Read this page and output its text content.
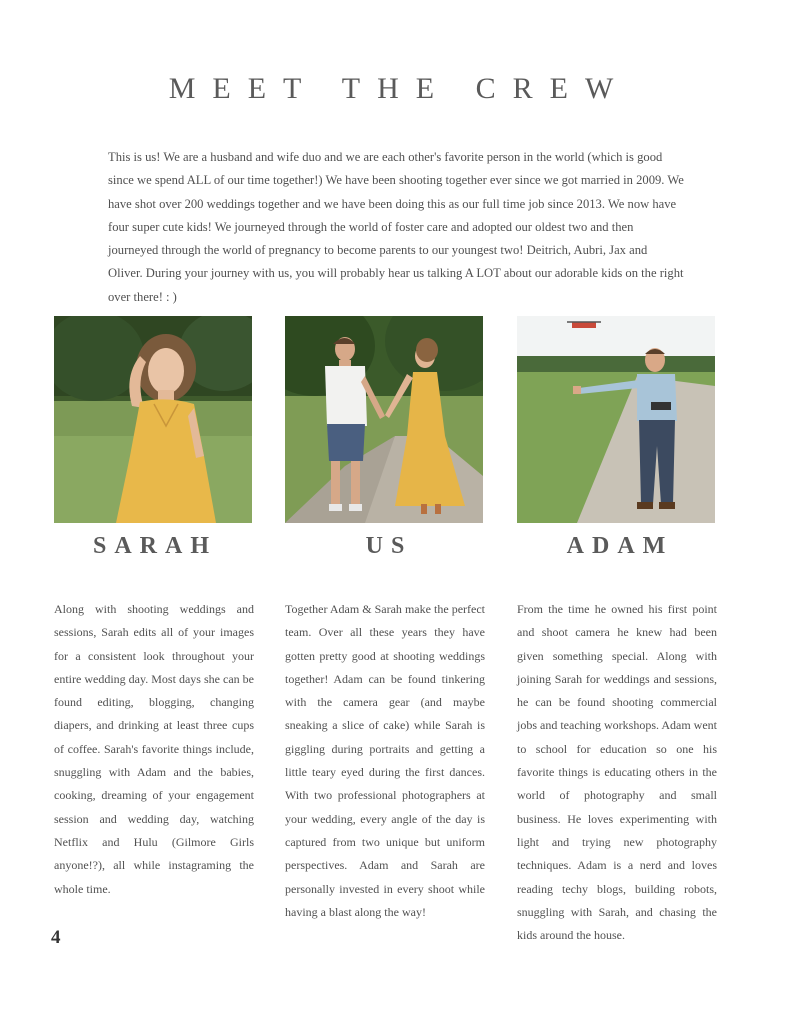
MEET THE CREW

This is us! We are a husband and wife duo and we are each other's favorite person in the world (which is good since we spend ALL of our time together!) We have been shooting together ever since we got married in 2009. We have shot over 200 weddings together and we have been doing this as our full time job since 2013. We now have four super cute kids! We journeyed through the world of foster care and adopted our oldest two and then journeyed through the world of pregnancy to become parents to our youngest two! Deitrich, Aubri, Jax and Oliver. During your journey with us, you will probably hear us talking A LOT about our adorable kids on the right over there! : )

SARAH	US	ADAM

Along with shooting weddings and sessions, Sarah edits all of your images for a consistent look throughout your entire wedding day. Most days she can be found editing, blogging, changing diapers, and drinking at least three cups of coffee. Sarah's favorite things include, snuggling with Adam and the babies, cooking, dreaming of your engagement session and wedding day, watching Netflix and Hulu (Gilmore Girls anyone!?), all while instagraming the whole time.

Together Adam & Sarah make the perfect team. Over all these years they have gotten pretty good at shooting weddings together! Adam can be found tinkering with the camera gear (and maybe sneaking a slice of cake) while Sarah is giggling during portraits and getting a little teary eyed during the first dances. With two professional photographers at your wedding, every angle of the day is captured from two unique but uniform perspectives. Adam and Sarah are personally invested in every shoot while having a blast along the way!

From the time he owned his first point and shoot camera he knew had been given something special. Along with joining Sarah for weddings and sessions, he can be found shooting commercial jobs and teaching workshops. Adam went to school for education so one his favorite things is educating others in the world of photography and small business. He loves experimenting with light and trying new photography techniques. Adam is a nerd and loves reading techy blogs, building robots, snuggling with Sarah, and chasing the kids around the house.

4
